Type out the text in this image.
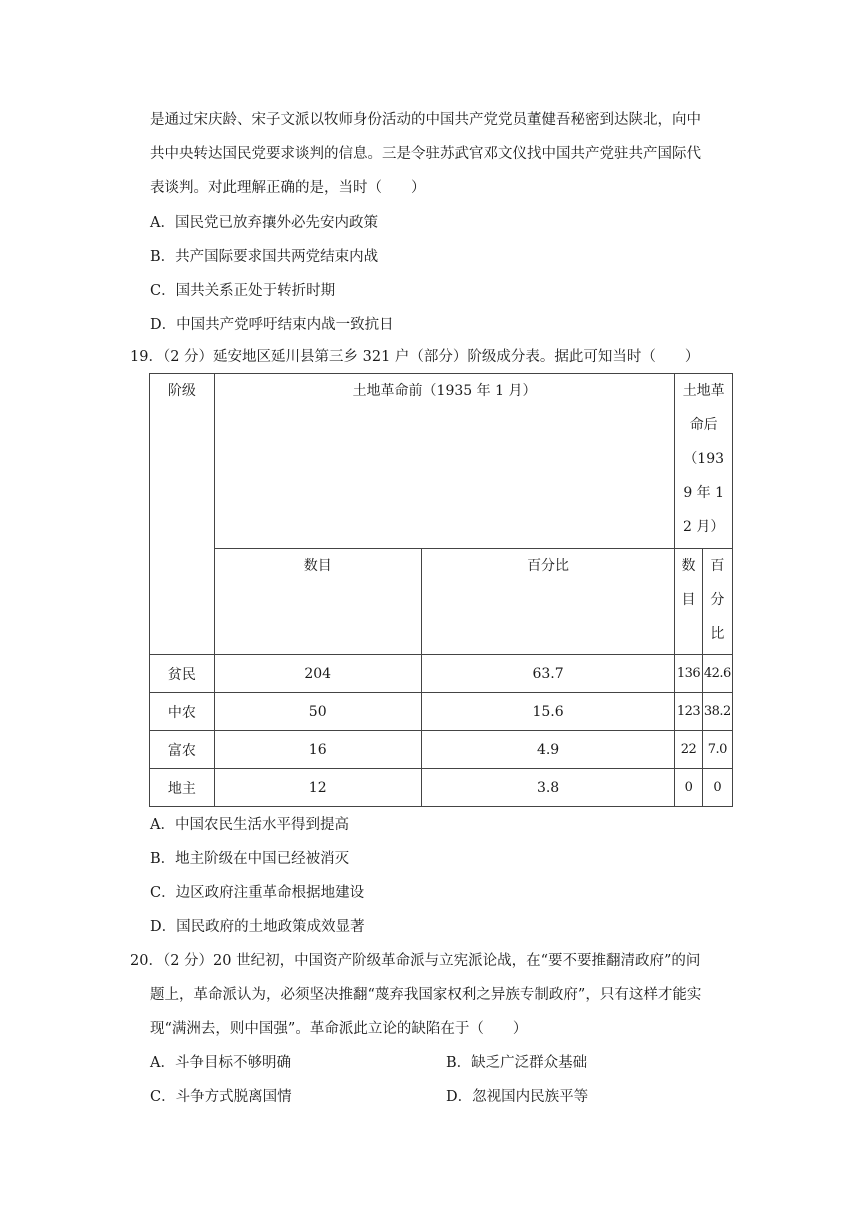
是通过宋庆龄、宋子文派以牧师身份活动的中国共产党党员董健吾秘密到达陕北，向中
共中央转达国民党要求谈判的信息。三是令驻苏武官邓文仪找中国共产党驻共产国际代
表谈判。对此理解正确的是，当时（　　）
A．国民党已放弃攘外必先安内政策
B．共产国际要求国共两党结束内战
C．国共关系正处于转折时期
D．中国共产党呼吁结束内战一致抗日
19．（2 分）延安地区延川县第三乡 321 户（部分）阶级成分表。据此可知当时（　　）
阶级	土地革命前（1935 年 1 月）		土地革命后（1939 年 12 月）	
	数目	百分比	数目	百分比
贫民	204	63.7	136	42.6
中农	50	15.6	123	38.2
富农	16	4.9	22	7.0
地主	12	3.8	0	0
A．中国农民生活水平得到提高
B．地主阶级在中国已经被消灭
C．边区政府注重革命根据地建设
D．国民政府的土地政策成效显著
20．（2 分）20 世纪初，中国资产阶级革命派与立宪派论战，在“要不要推翻清政府”的问
题上，革命派认为，必须坚决推翻“蔑弃我国家权利之异族专制政府”，只有这样才能实
现“满洲去，则中国强”。革命派此立论的缺陷在于（　　）
A．斗争目标不够明确	B．缺乏广泛群众基础
C．斗争方式脱离国情	D．忽视国内民族平等
